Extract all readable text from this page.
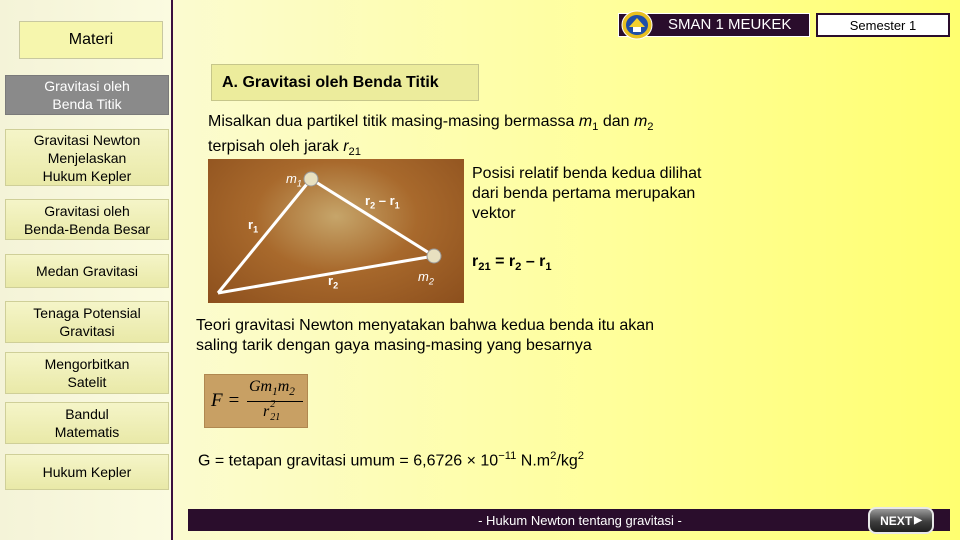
Materi
Gravitasi oleh
Benda Titik
Gravitasi Newton
Menjelaskan
Hukum Kepler
Gravitasi oleh
Benda-Benda Besar
Medan Gravitasi
Tenaga Potensial
Gravitasi
Mengorbitkan
Satelit
Bandul
Matematis
Hukum Kepler
SMAN 1 MEUKEK	Semester 1
A. Gravitasi oleh Benda Titik
Misalkan dua partikel titik masing-masing bermassa $m_1$ dan $m_2$
terpisah oleh jarak $r_{21}$
$m_1$
$m_2$
$r_1$
$r_2$
$r_2 - r_1$
Posisi relatif benda kedua dilihat
dari benda pertama merupakan
vektor
$r_{21} = r_2 - r_1$
Teori gravitasi Newton menyatakan bahwa kedua benda itu akan
saling tarik dengan gaya masing-masing yang besarnya
F =
$Gm_1m_2$
r 2
21
G = tetapan gravitasi umum = $6,6726 \times 10^{-11}$ $N.m^2/kg^2$
- Hukum Newton tentang gravitasi -	NEXT ▶
